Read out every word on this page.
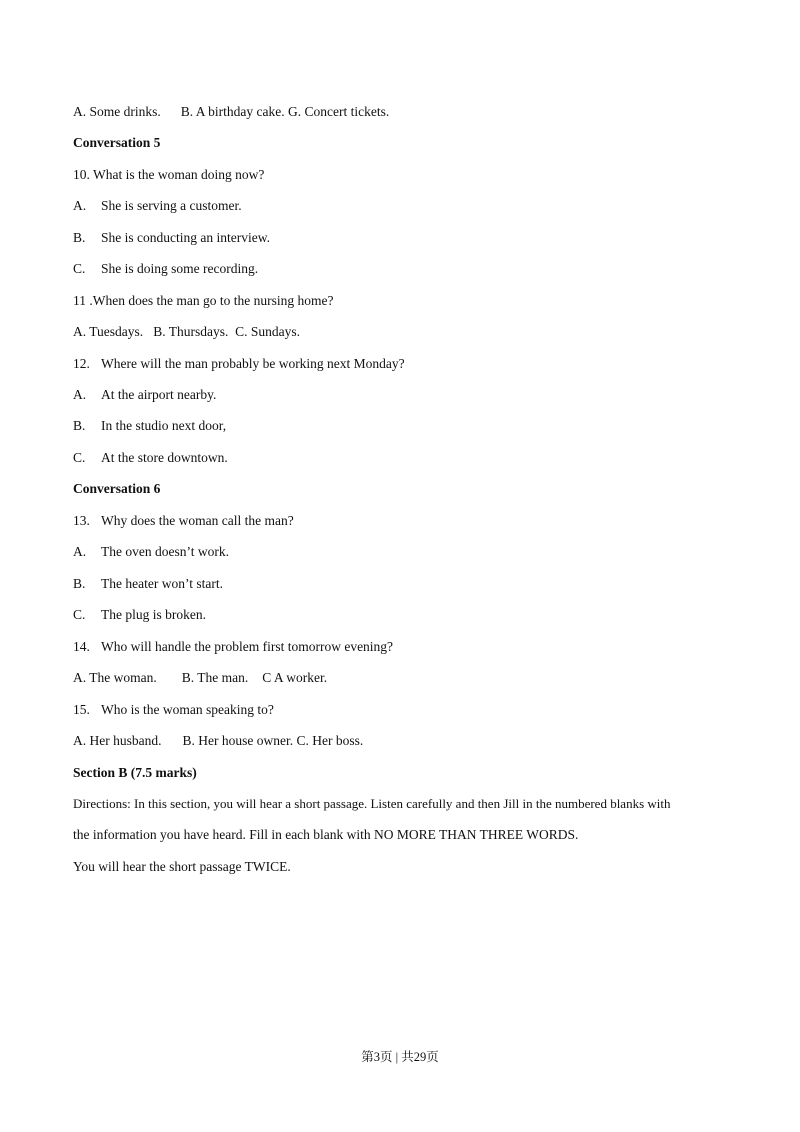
A. Some drinks. B. A birthday cake. G. Concert tickets.
Conversation 5
10. What is the woman doing now?
A. She is serving a customer.
B. She is conducting an interview.
C. She is doing some recording.
11 .When does the man go to the nursing home?
A. Tuesdays.   B. Thursdays.  C. Sundays.
12. Where will the man probably be working next Monday?
A. At the airport nearby.
B. In the studio next door,
C. At the store downtown.
Conversation 6
13. Why does the woman call the man?
A. The oven doesn’t work.
B. The heater won’t start.
C. The plug is broken.
14. Who will handle the problem first tomorrow evening?
A. The woman. B. The man. C A worker.
15. Who is the woman speaking to?
A. Her husband. B. Her house owner. C. Her boss.
Section B (7.5 marks)
Directions: In this section, you will hear a short passage. Listen carefully and then Jill in the numbered blanks with
the information you have heard. Fill in each blank with NO MORE THAN THREE WORDS.
You will hear the short passage TWICE.
第3页 | 共29页
